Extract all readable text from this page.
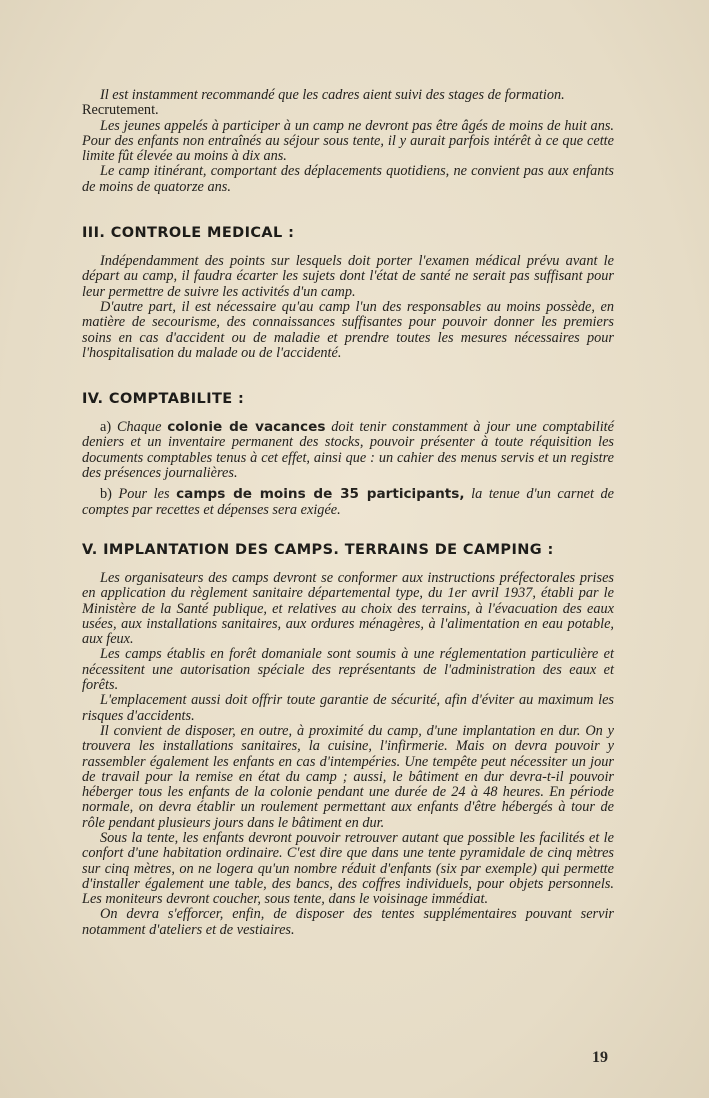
Il est instamment recommandé que les cadres aient suivi des stages de formation.

Recrutement.

Les jeunes appelés à participer à un camp ne devront pas être âgés de moins de huit ans. Pour des enfants non entraînés au séjour sous tente, il y aurait parfois intérêt à ce que cette limite fût élevée au moins à dix ans.

Le camp itinérant, comportant des déplacements quotidiens, ne convient pas aux enfants de moins de quatorze ans.

III. CONTROLE MEDICAL :

Indépendamment des points sur lesquels doit porter l'examen médical prévu avant le départ au camp, il faudra écarter les sujets dont l'état de santé ne serait pas suffisant pour leur permettre de suivre les activités d'un camp.

D'autre part, il est nécessaire qu'au camp l'un des responsables au moins possède, en matière de secourisme, des connaissances suffisantes pour pouvoir donner les premiers soins en cas d'accident ou de maladie et prendre toutes les mesures nécessaires pour l'hospitalisation du malade ou de l'accidenté.

IV. COMPTABILITE :

a) Chaque colonie de vacances doit tenir constamment à jour une comptabilité deniers et un inventaire permanent des stocks, pouvoir présenter à toute réquisition les documents comptables tenus à cet effet, ainsi que : un cahier des menus servis et un registre des présences journalières.

b) Pour les camps de moins de 35 participants, la tenue d'un carnet de comptes par recettes et dépenses sera exigée.

V. IMPLANTATION DES CAMPS. TERRAINS DE CAMPING :

Les organisateurs des camps devront se conformer aux instructions préfectorales prises en application du règlement sanitaire départemental type, du 1er avril 1937, établi par le Ministère de la Santé publique, et relatives au choix des terrains, à l'évacuation des eaux usées, aux installations sanitaires, aux ordures ménagères, à l'alimentation en eau potable, aux feux.

Les camps établis en forêt domaniale sont soumis à une réglementation particulière et nécessitent une autorisation spéciale des représentants de l'administration des eaux et forêts.

L'emplacement aussi doit offrir toute garantie de sécurité, afin d'éviter au maximum les risques d'accidents.

Il convient de disposer, en outre, à proximité du camp, d'une implantation en dur. On y trouvera les installations sanitaires, la cuisine, l'infirmerie. Mais on devra pouvoir y rassembler également les enfants en cas d'intempéries. Une tempête peut nécessiter un jour de travail pour la remise en état du camp ; aussi, le bâtiment en dur devra-t-il pouvoir héberger tous les enfants de la colonie pendant une durée de 24 à 48 heures. En période normale, on devra établir un roulement permettant aux enfants d'être hébergés à tour de rôle pendant plusieurs jours dans le bâtiment en dur.

Sous la tente, les enfants devront pouvoir retrouver autant que possible les facilités et le confort d'une habitation ordinaire. C'est dire que dans une tente pyramidale de cinq mètres sur cinq mètres, on ne logera qu'un nombre réduit d'enfants (six par exemple) qui permette d'installer également une table, des bancs, des coffres individuels, pour objets personnels. Les moniteurs devront coucher, sous tente, dans le voisinage immédiat.

On devra s'efforcer, enfin, de disposer des tentes supplémentaires pouvant servir notamment d'ateliers et de vestiaires.

19
